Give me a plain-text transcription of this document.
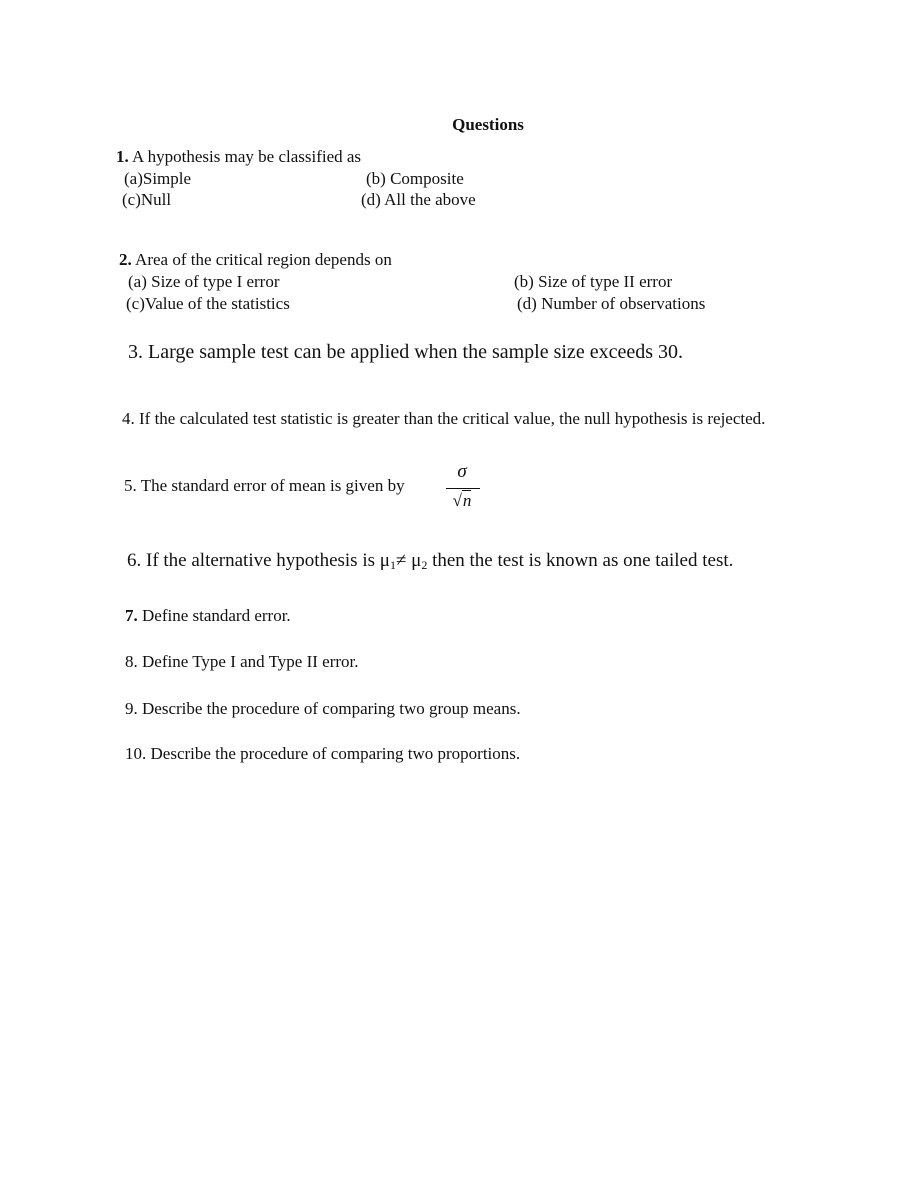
Questions
1. A hypothesis may be classified as
(a)Simple	(b) Composite
(c)Null	(d) All the above
2. Area of the critical region depends on
(a) Size of type I error	(b) Size of type II error
(c)Value of the statistics	(d) Number of observations
3. Large sample test can be applied when the sample size exceeds 30.
4. If the calculated test statistic is greater than the critical value, the null hypothesis is rejected.
5. The standard error of mean is given by
σ
√n
6. If the alternative hypothesis is $\mu_1\ne \mu_2$ then the test is known as one tailed test.
7. Define standard error.
8. Define Type I and Type II error.
9. Describe the procedure of comparing two group means.
10. Describe the procedure of comparing two proportions.
